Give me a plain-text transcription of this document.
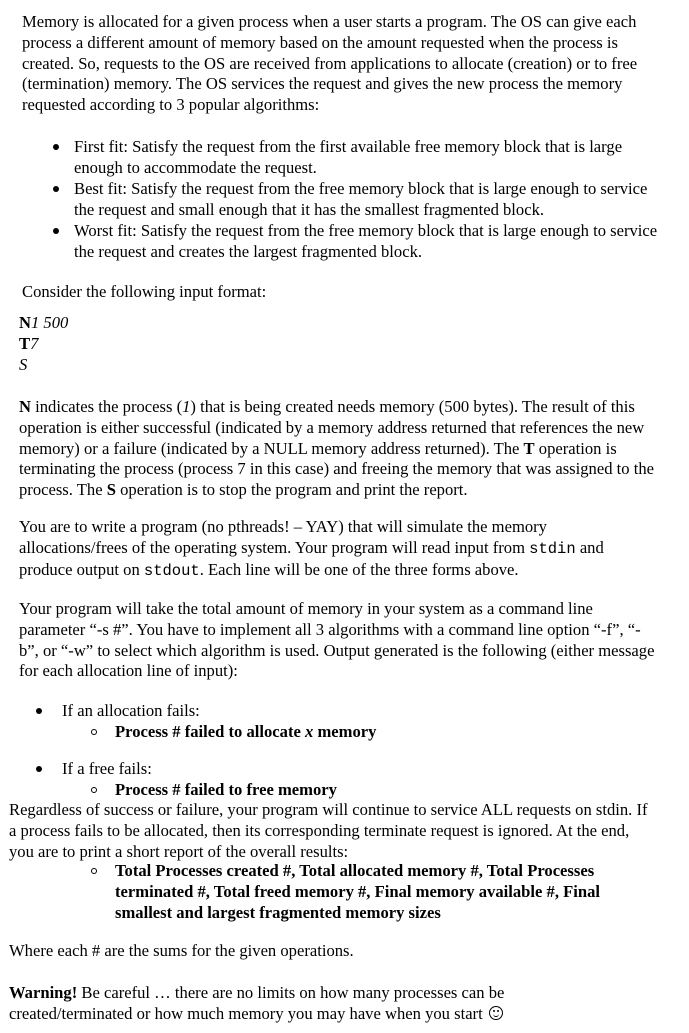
Memory is allocated for a given process when a user starts a program. The OS can give each process a different amount of memory based on the amount requested when the process is created. So, requests to the OS are received from applications to allocate (creation) or to free (termination) memory. The OS services the request and gives the new process the memory requested according to 3 popular algorithms:

First fit: Satisfy the request from the first available free memory block that is large enough to accommodate the request.

Best fit: Satisfy the request from the free memory block that is large enough to service the request and small enough that it has the smallest fragmented block.

Worst fit: Satisfy the request from the free memory block that is large enough to service the request and creates the largest fragmented block.

Consider the following input format:

N1 500

T7

S

N indicates the process (1) that is being created needs memory (500 bytes). The result of this operation is either successful (indicated by a memory address returned that references the new memory) or a failure (indicated by a NULL memory address returned). The T operation is terminating the process (process 7 in this case) and freeing the memory that was assigned to the process. The S operation is to stop the program and print the report.

You are to write a program (no pthreads! – YAY) that will simulate the memory allocations/frees of the operating system. Your program will read input from stdin and produce output on stdout. Each line will be one of the three forms above.

Your program will take the total amount of memory in your system as a command line parameter “-s #”. You have to implement all 3 algorithms with a command line option “-f”, “-b”, or “-w” to select which algorithm is used. Output generated is the following (either message for each allocation line of input):

If an allocation fails:

Process # failed to allocate x memory

If a free fails:

Process # failed to free memory

Regardless of success or failure, your program will continue to service ALL requests on stdin. If a process fails to be allocated, then its corresponding terminate request is ignored. At the end, you are to print a short report of the overall results:

Total Processes created #, Total allocated memory #, Total Processes terminated #, Total freed memory #, Final memory available #, Final smallest and largest fragmented memory sizes

Where each # are the sums for the given operations.

Warning! Be careful … there are no limits on how many processes can be created/terminated or how much memory you may have when you start
